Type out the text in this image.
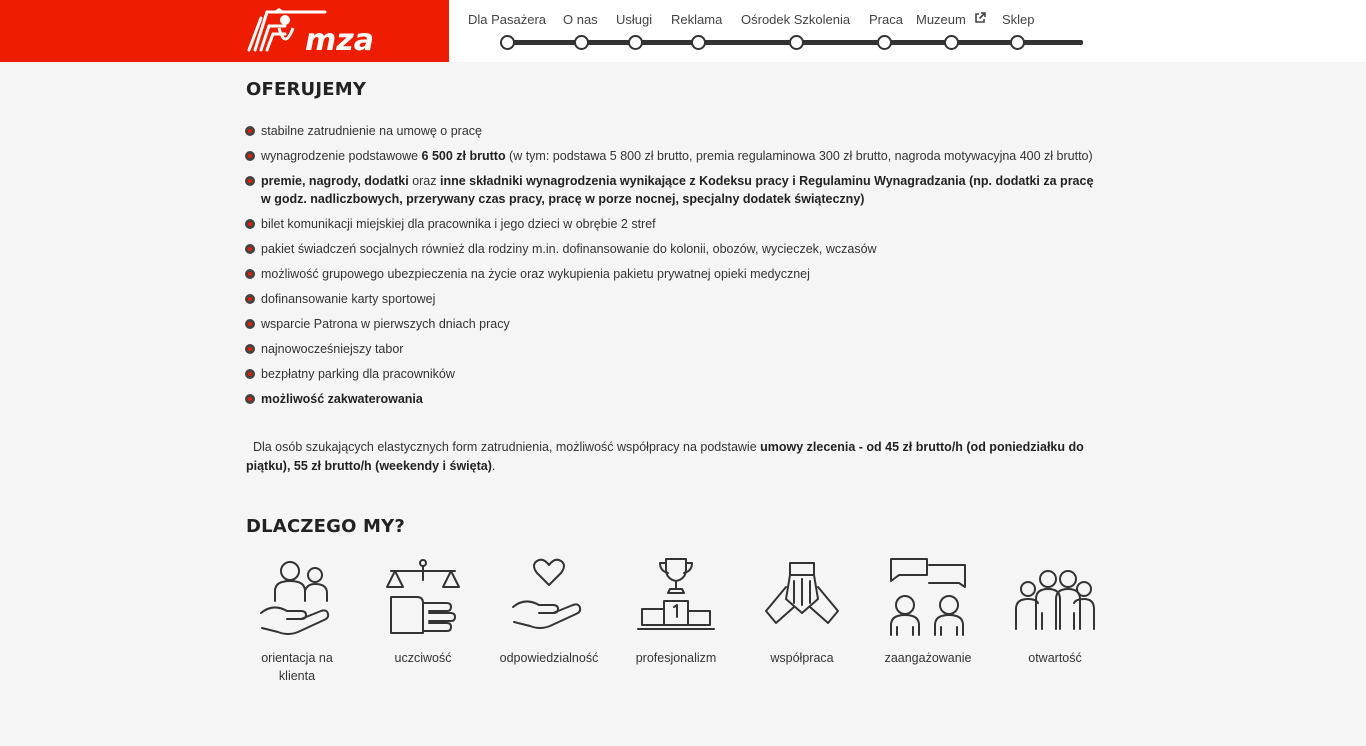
mza
Dla Pasażera O nas Usługi Reklama Ośrodek Szkolenia Praca Muzeum	Sklep
OFERUJEMY
stabilne zatrudnienie na umowę o pracę
wynagrodzenie podstawowe 6 500 zł brutto (w tym: podstawa 5 800 zł brutto, premia regulaminowa 300 zł brutto, nagroda motywacyjna 400 zł brutto)
premie, nagrody, dodatki oraz inne składniki wynagrodzenia wynikające z Kodeksu pracy i Regulaminu Wynagradzania (np. dodatki za pracę w godz. nadliczbowych, przerywany czas pracy, pracę w porze nocnej, specjalny dodatek świąteczny)
bilet komunikacji miejskiej dla pracownika i jego dzieci w obrębie 2 stref
pakiet świadczeń socjalnych również dla rodziny m.in. dofinansowanie do kolonii, obozów, wycieczek, wczasów
możliwość grupowego ubezpieczenia na życie oraz wykupienia pakietu prywatnej opieki medycznej
dofinansowanie karty sportowej
wsparcie Patrona w pierwszych dniach pracy
najnowocześniejszy tabor
bezpłatny parking dla pracowników
możliwość zakwaterowania

Dla osób szukających elastycznych form zatrudnienia, możliwość współpracy na podstawie umowy zlecenia - od 45 zł brutto/h (od poniedziałku do piątku), 55 zł brutto/h (weekendy i święta).

DLACZEGO MY?
orientacja na klienta
uczciwość	odpowiedzialność	profesjonalizm	współpraca	zaangażowanie	otwartość
